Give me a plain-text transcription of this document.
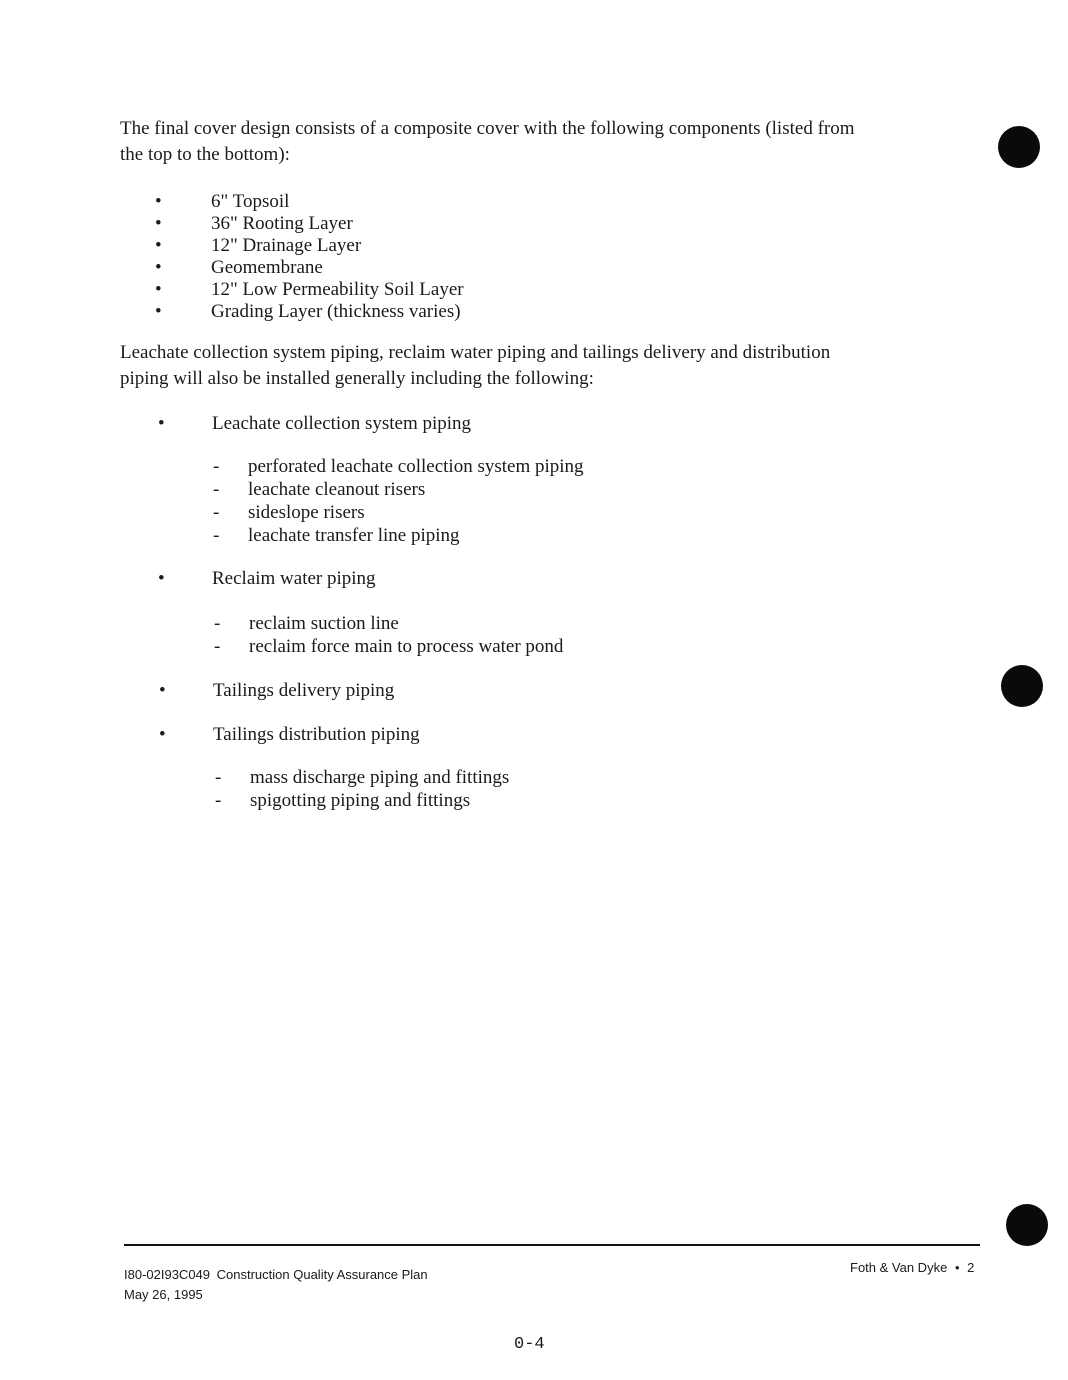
The final cover design consists of a composite cover with the following components (listed from
the top to the bottom):

•	6" Topsoil
•	36" Rooting Layer
•	12" Drainage Layer
•	Geomembrane
•	12" Low Permeability Soil Layer
•	Grading Layer (thickness varies)

Leachate collection system piping, reclaim water piping and tailings delivery and distribution
piping will also be installed generally including the following:

• Leachate collection system piping
- perforated leachate collection system piping
- leachate cleanout risers
- sideslope risers
- leachate transfer line piping
• Reclaim water piping
- reclaim suction line
- reclaim force main to process water pond
• Tailings delivery piping
• Tailings distribution piping
- mass discharge piping and fittings
- spigotting piping and fittings
I80-02I93C049 Construction Quality Assurance Plan
May 26, 1995
Foth & Van Dyke • 2
0-4
